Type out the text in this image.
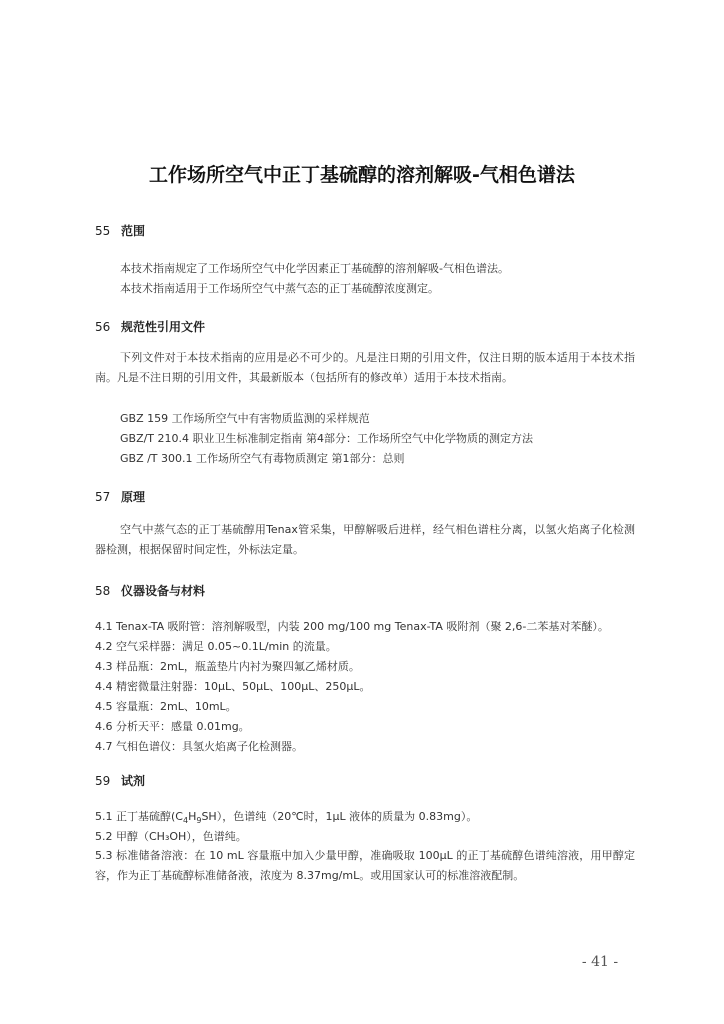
工作场所空气中正丁基硫醇的溶剂解吸-气相色谱法
55 范围
本技术指南规定了工作场所空气中化学因素正丁基硫醇的溶剂解吸-气相色谱法。
本技术指南适用于工作场所空气中蒸气态的正丁基硫醇浓度测定。
56 规范性引用文件
下列文件对于本技术指南的应用是必不可少的。凡是注日期的引用文件，仅注日期的版本适用于本技术指南。凡是不注日期的引用文件，其最新版本（包括所有的修改单）适用于本技术指南。
GBZ 159 工作场所空气中有害物质监测的采样规范
GBZ/T 210.4 职业卫生标准制定指南 第4部分：工作场所空气中化学物质的测定方法
GBZ /T 300.1 工作场所空气有毒物质测定 第1部分：总则
57 原理
空气中蒸气态的正丁基硫醇用Tenax管采集，甲醇解吸后进样，经气相色谱柱分离，以氢火焰离子化检测器检测，根据保留时间定性，外标法定量。
58 仪器设备与材料
4.1 Tenax-TA 吸附管：溶剂解吸型，内装 200 mg/100 mg Tenax-TA 吸附剂（聚 2,6-二苯基对苯醚）。
4.2 空气采样器：满足 0.05~0.1L/min 的流量。
4.3 样品瓶：2mL，瓶盖垫片内衬为聚四氟乙烯材质。
4.4 精密微量注射器：10μL、50μL、100μL、250μL。
4.5 容量瓶：2mL、10mL。
4.6 分析天平：感量 0.01mg。
4.7 气相色谱仪：具氢火焰离子化检测器。
59 试剂
5.1 正丁基硫醇$(C_4H_9SH)$，色谱纯（20℃时，1μL 液体的质量为 0.83mg）。
5.2 甲醇（CH₃OH），色谱纯。
5.3 标准储备溶液：在 10 mL 容量瓶中加入少量甲醇，准确吸取 100μL 的正丁基硫醇色谱纯溶液，用甲醇定容，作为正丁基硫醇标准储备液，浓度为 8.37mg/mL。或用国家认可的标准溶液配制。
- 41 -
